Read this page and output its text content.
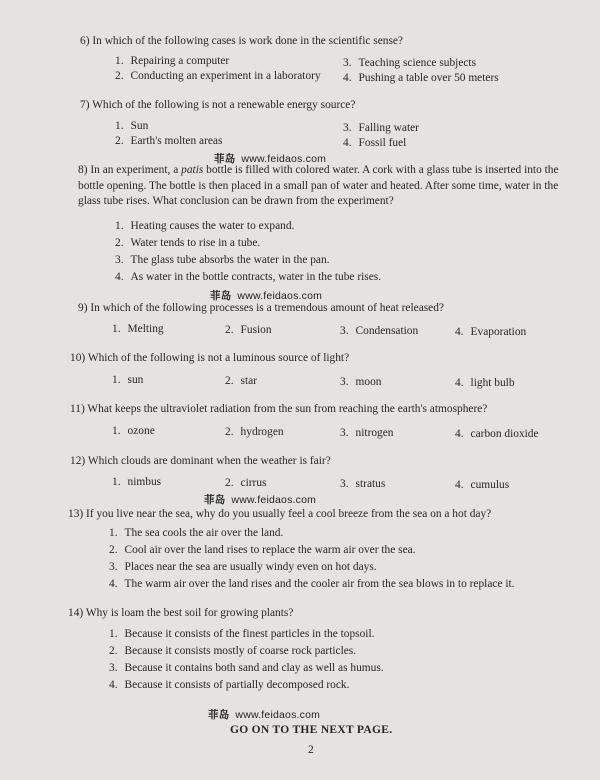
6) In which of the following cases is work done in the scientific sense?
1. Repairing a computer	3. Teaching science subjects
2. Conducting an experiment in a laboratory 4. Pushing a table over 50 meters
7) Which of the following is not a renewable energy source?
1. Sun	3. Falling water
2. Earth's molten areas	4. Fossil fuel
8) In an experiment, a patis bottle is filled with colored water. A cork with a glass tube is inserted into the bottle opening. The bottle is then placed in a small pan of water and heated. After some time, water in the glass tube rises. What conclusion can be drawn from the experiment?
1. Heating causes the water to expand.
2. Water tends to rise in a tube.
3. The glass tube absorbs the water in the pan.
4. As water in the bottle contracts, water in the tube rises.
菲岛 www.feidaos.com
9) In which of the following processes is a tremendous amount of heat released?
1. Melting	2. Fusion	3. Condensation	4. Evaporation
菲岛 www.feidaos.com
10) Which of the following is not a luminous source of light?
1. sun	2. star	3. moon	4. light bulb
11) What keeps the ultraviolet radiation from the sun from reaching the earth's atmosphere?
1. ozone	2. hydrogen	3. nitrogen	4. carbon dioxide
12) Which clouds are dominant when the weather is fair?
1. nimbus	2. cirrus	3. stratus	4. cumulus
菲岛 www.feidaos.com
13) If you live near the sea, why do you usually feel a cool breeze from the sea on a hot day?
1. The sea cools the air over the land.
2. Cool air over the land rises to replace the warm air over the sea.
3. Places near the sea are usually windy even on hot days.
4. The warm air over the land rises and the cooler air from the sea blows in to replace it.
14) Why is loam the best soil for growing plants?
1. Because it consists of the finest particles in the topsoil.
2. Because it consists mostly of coarse rock particles.
3. Because it contains both sand and clay as well as humus.
4. Because it consists of partially decomposed rock.
菲岛 www.feidaos.com
GO ON TO THE NEXT PAGE.
2
